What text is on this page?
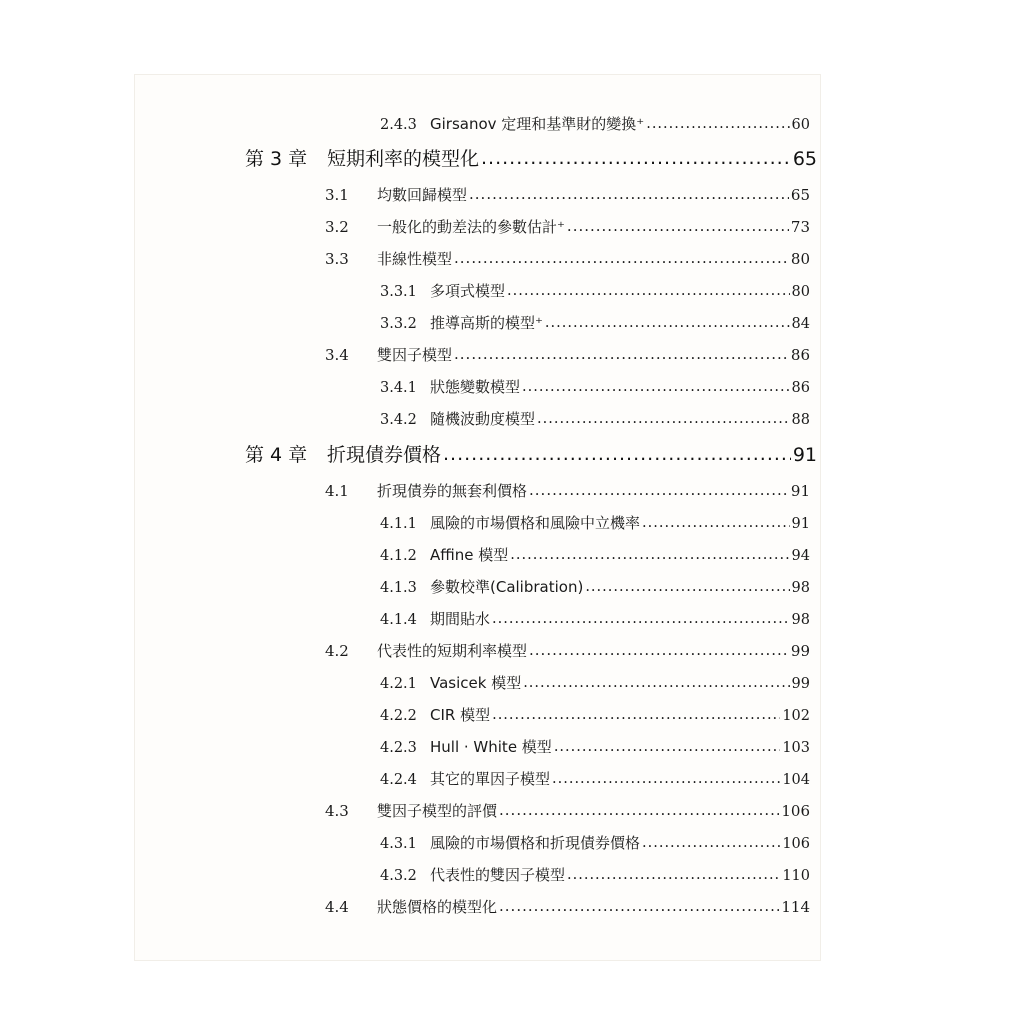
2.4.3 Girsanov 定理和基準財的變換⁺ .....	60
第 3 章	短期利率的模型化 .....	65
3.1	均數回歸模型 .....	65
3.2	一般化的動差法的參數估計⁺ .....	73
3.3	非線性模型 .....	80
3.3.1 多項式模型 .....	80
3.3.2 推導高斯的模型⁺ .....	84
3.4	雙因子模型 .....	86
3.4.1 狀態變數模型 .....	86
3.4.2 隨機波動度模型 .....	88
第 4 章	折現債券價格 .....	91
4.1	折現債券的無套利價格 .....	91
4.1.1 風險的市場價格和風險中立機率 .....	91
4.1.2 Affine 模型 .....	94
4.1.3 參數校準(Calibration) .....	98
4.1.4 期間貼水 .....	98
4.2	代表性的短期利率模型 .....	99
4.2.1 Vasicek 模型 .....	99
4.2.2 CIR 模型 .....	102
4.2.3 Hull · White 模型 .....	103
4.2.4 其它的單因子模型 .....	104
4.3	雙因子模型的評價 .....	106
4.3.1 風險的市場價格和折現債券價格 .....	106
4.3.2 代表性的雙因子模型 .....	110
4.4	狀態價格的模型化 .....	114
